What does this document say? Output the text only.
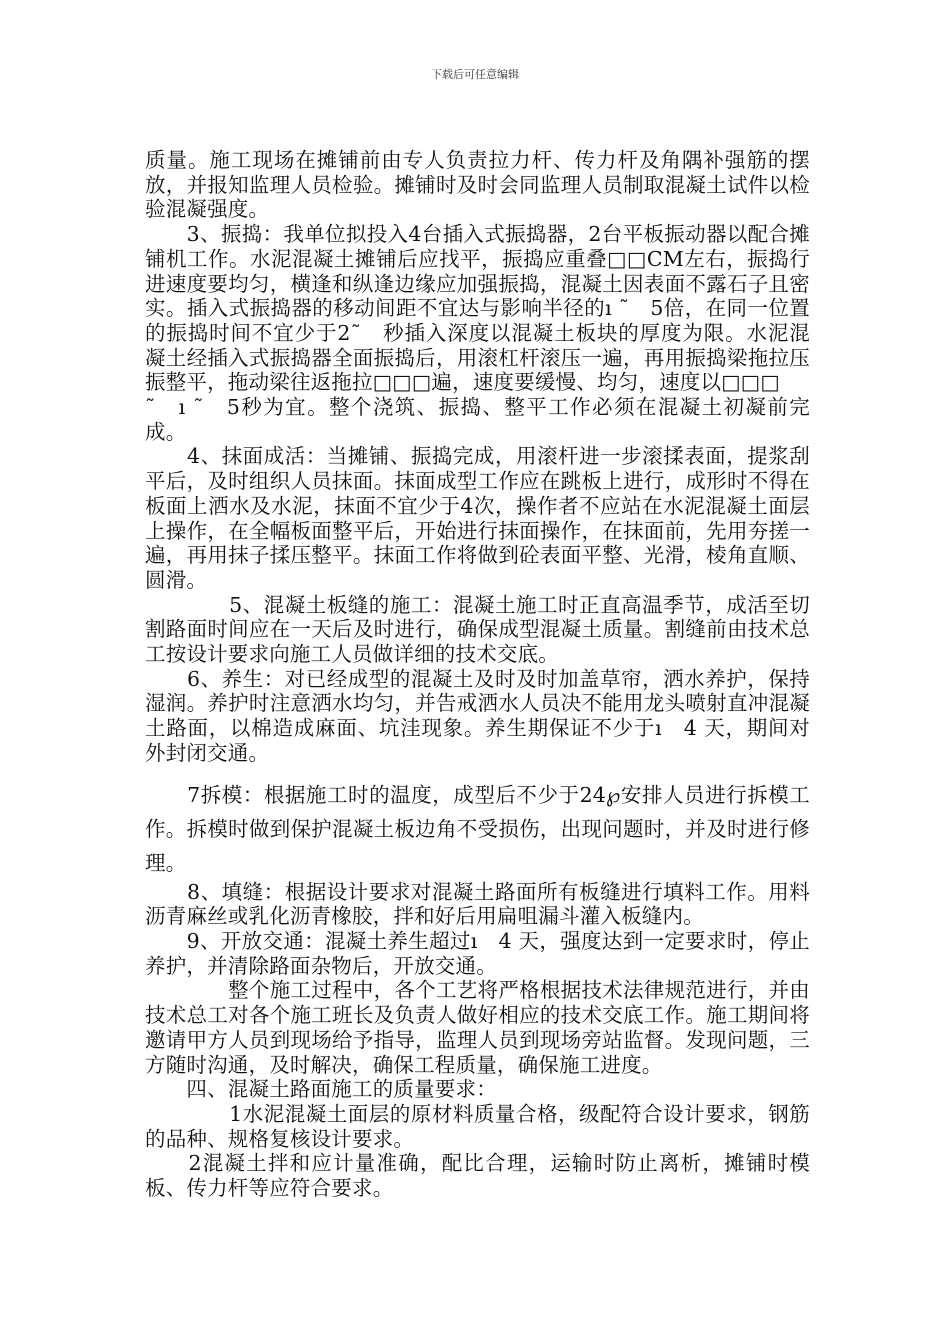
下载后可任意编辑

质量。施工现场在摊铺前由专人负责拉力杆、传力杆及角隅补强筋的摆放，并报知监理人员检验。摊铺时及时会同监理人员制取混凝土试件以检验混凝强度。

　　3、振捣：我单位拟投入4台插入式振捣器，2台平板振动器以配合摊铺机工作。水泥混凝土摊铺后应找平，振捣应重叠□□CM左右，振捣行进速度要均匀，横逢和纵逢边缘应加强振捣，混凝土因表面不露石子且密实。插入式振捣器的移动间距不宜达与影响半径的ı ˜　5倍，在同一位置的振捣时间不宜少于2˜　秒插入深度以混凝土板块的厚度为限。水泥混凝土经插入式振捣器全面振捣后，用滚杠杆滚压一遍，再用振捣梁拖拉压振整平，拖动梁往返拖拉□□□遍，速度要缓慢、均匀，速度以□□□

˜　ı ˜　5秒为宜。整个浇筑、振捣、整平工作必须在混凝土初凝前完成。

　　4、抹面成活：当摊铺、振捣完成，用滚杆进一步滚揉表面，提浆刮平后，及时组织人员抹面。抹面成型工作应在跳板上进行，成形时不得在板面上洒水及水泥，抹面不宜少于4次，操作者不应站在水泥混凝土面层上操作，在全幅板面整平后，开始进行抹面操作，在抹面前，先用夯搓一遍，再用抹子揉压整平。抹面工作将做到砼表面平整、光滑，棱角直顺、圆滑。

　　　　5、混凝土板缝的施工：混凝土施工时正直高温季节，成活至切割路面时间应在一天后及时进行，确保成型混凝土质量。割缝前由技术总工按设计要求向施工人员做详细的技术交底。

　　6、养生：对已经成型的混凝土及时及时加盖草帘，洒水养护，保持湿润。养护时注意洒水均匀，并告戒洒水人员决不能用龙头喷射直冲混凝土路面，以棉造成麻面、坑洼现象。养生期保证不少于ı　4 天，期间对外封闭交通。

　　7拆模：根据施工时的温度，成型后不少于24℘安排人员进行拆模工作。拆模时做到保护混凝土板边角不受损伤，出现问题时，并及时进行修理。

　　8、填缝：根据设计要求对混凝土路面所有板缝进行填料工作。用料沥青麻丝或乳化沥青橡胶，拌和好后用扁咀漏斗灌入板缝内。

　　9、开放交通：混凝土养生超过ı　4 天，强度达到一定要求时，停止养护，并清除路面杂物后，开放交通。

　　　　整个施工过程中，各个工艺将严格根据技术法律规范进行，并由技术总工对各个施工班长及负责人做好相应的技术交底工作。施工期间将邀请甲方人员到现场给予指导，监理人员到现场旁站监督。发现问题，三方随时沟通，及时解决，确保工程质量，确保施工进度。

　　四、混凝土路面施工的质量要求：

　　　　1水泥混凝土面层的原材料质量合格，级配符合设计要求，钢筋的品种、规格复核设计要求。

　　2混凝土拌和应计量准确，配比合理，运输时防止离析，摊铺时模板、传力杆等应符合要求。
